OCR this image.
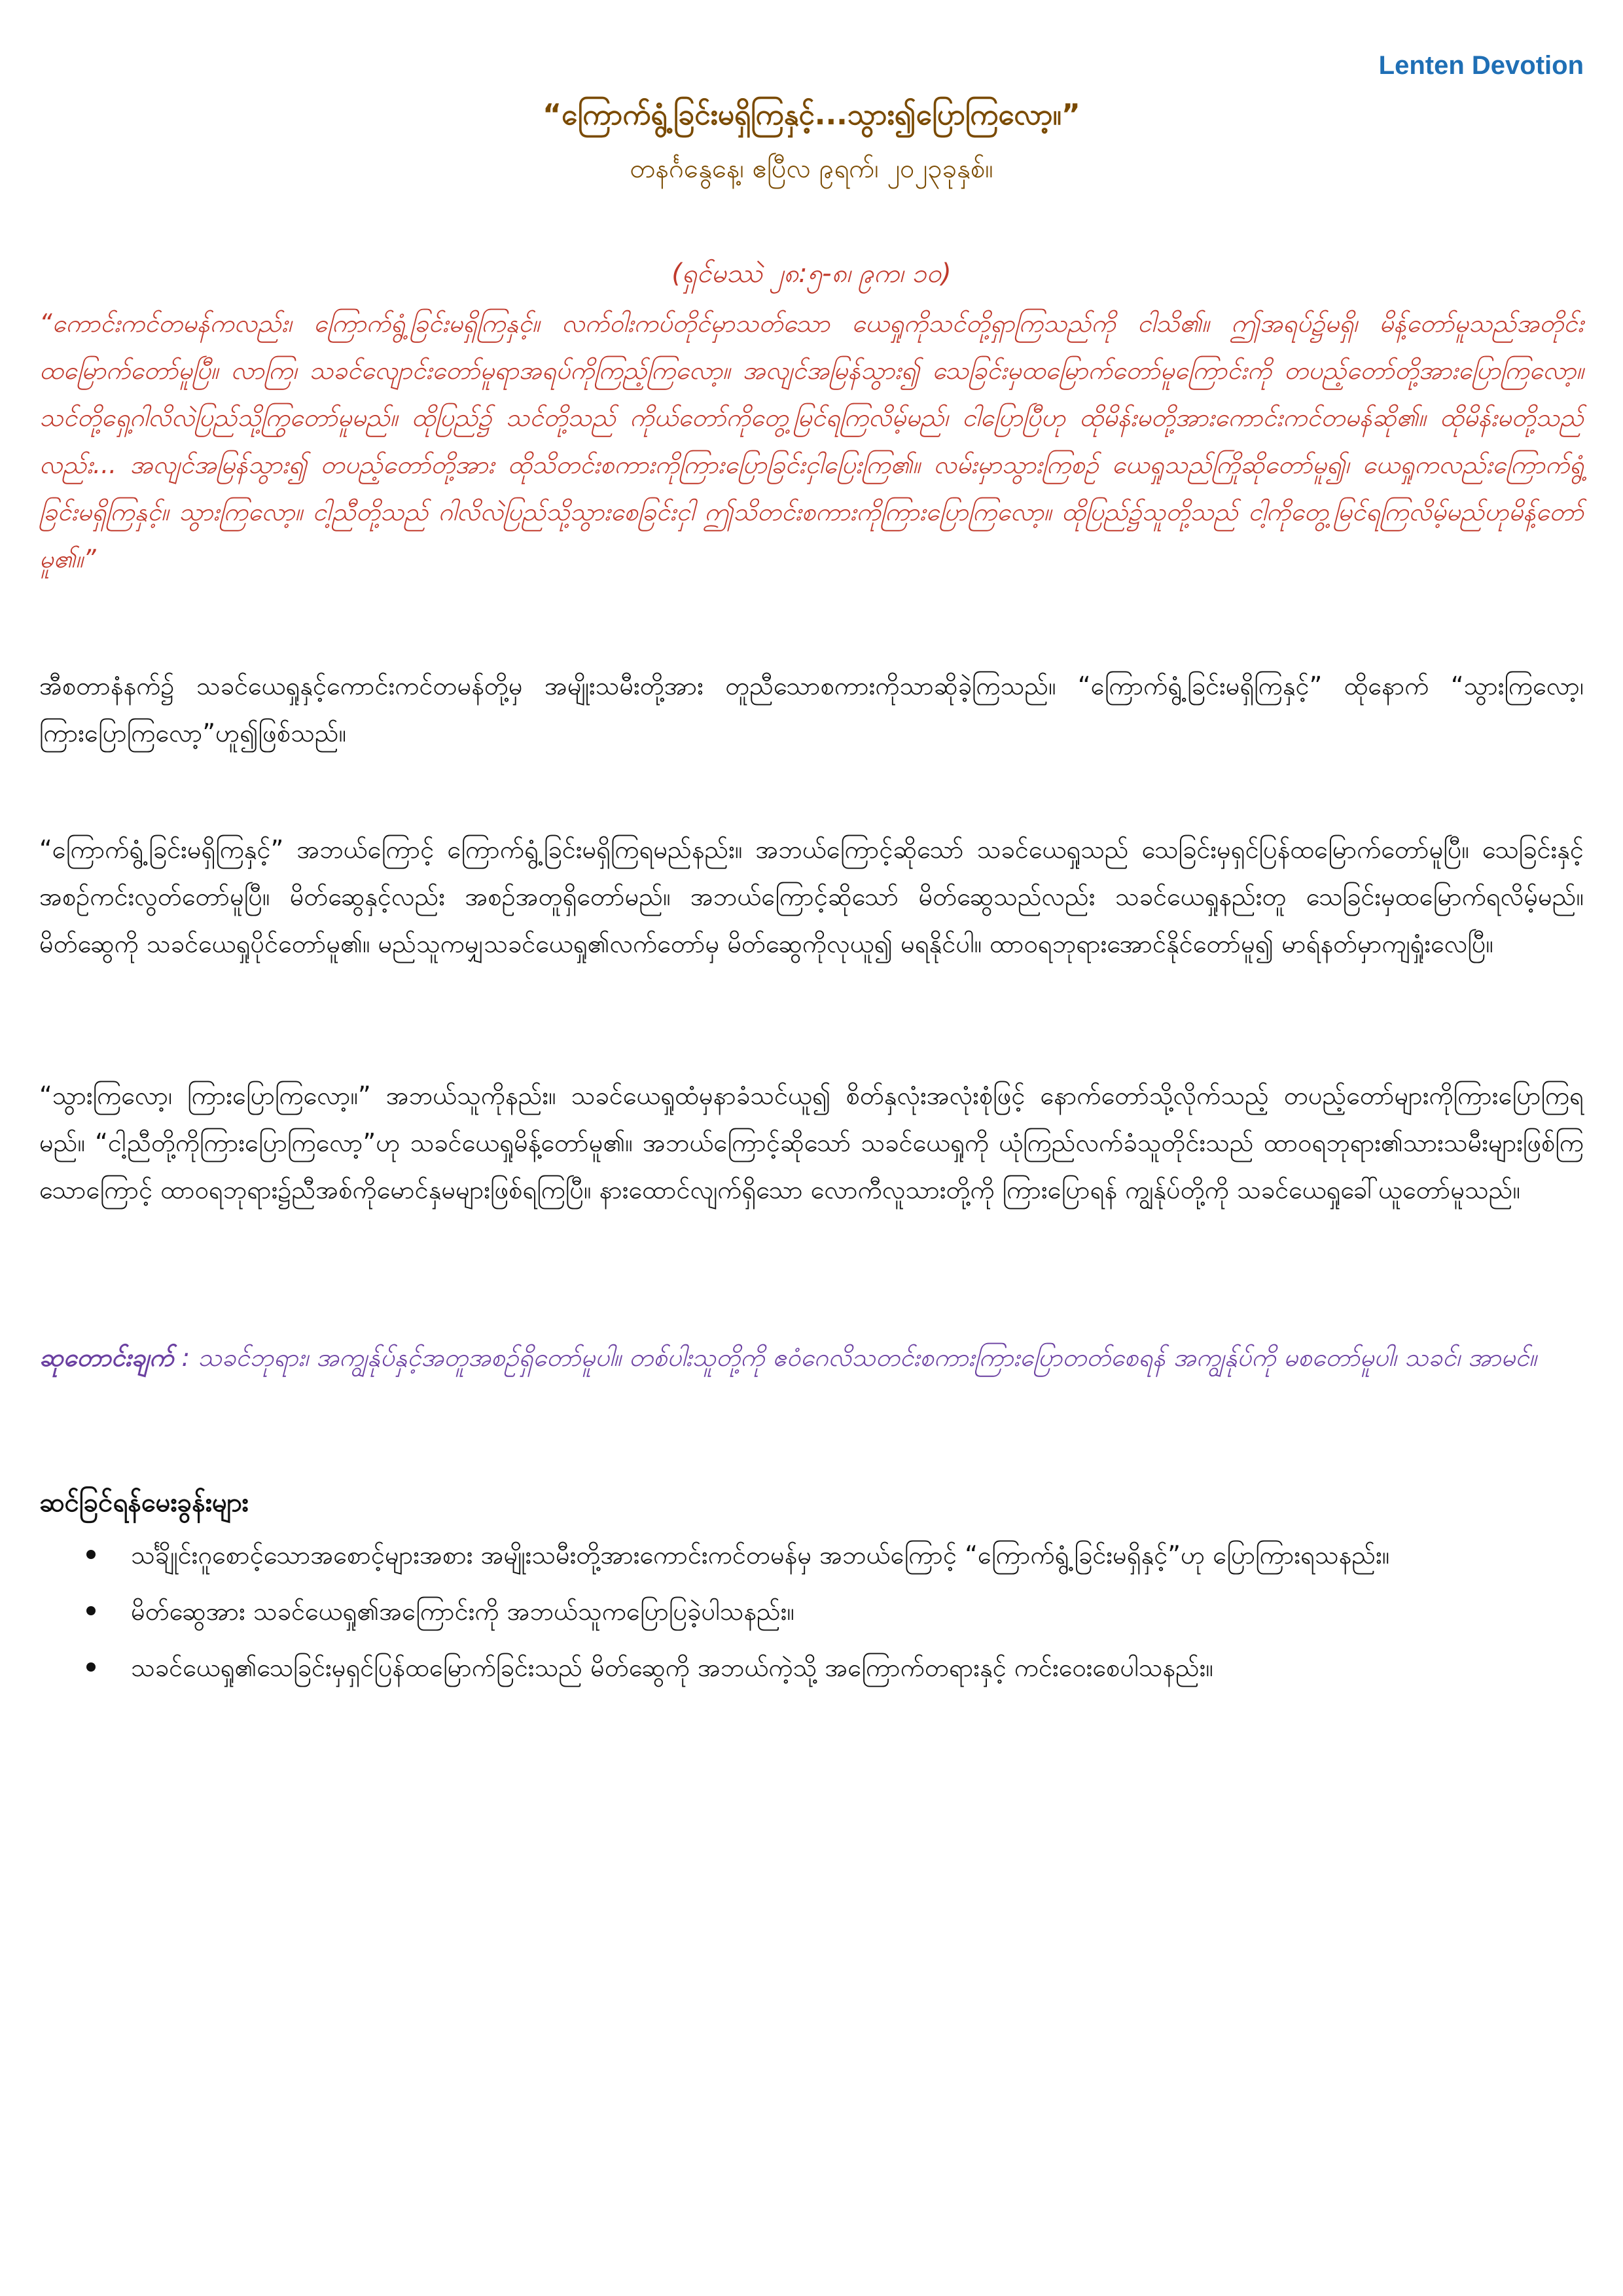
Lenten Devotion
“ကြောက်ရွံ့ခြင်းမရှိကြနှင့်...သွား၍ပြောကြလော့။”
တနင်္ဂနွေနေ့၊ ဧပြီလ ၉ရက်၊ ၂၀၂၃ခုနှစ်။
(ရှင်မဿဲ ၂၈:၅-၈၊ ၉က၊ ၁၀)
“ကောင်းကင်တမန်ကလည်း၊ ကြောက်ရွံ့ခြင်းမရှိကြနှင့်။ လက်ဝါးကပ်တိုင်မှာသတ်သော ယေရှုကိုသင်တို့ရှာကြသည်ကို ငါသိ၏။ ဤအရပ်၌မရှိ၊ မိန့်တော်မူသည်အတိုင်း ထမြောက်တော်မူပြီ။ လာကြ၊ သခင်လျောင်းတော်မူရာအရပ်ကိုကြည့်ကြလော့။ အလျင်အမြန်သွား၍ သေခြင်းမှထမြောက်တော်မူကြောင်းကို တပည့်တော်တို့အားပြောကြလော့။ သင်တို့ရှေ့ဂါလိလဲပြည်သို့ကြွတော်မူမည်။ ထိုပြည်၌ သင်တို့သည် ကိုယ်တော်ကိုတွေ့မြင်ရကြလိမ့်မည်၊ ငါပြောပြီဟု ထိုမိန်းမတို့အားကောင်းကင်တမန်ဆို၏။ ထိုမိန်းမတို့သည်လည်း... အလျင်အမြန်သွား၍ တပည့်တော်တို့အား ထိုသိတင်းစကားကိုကြားပြောခြင်းငှါပြေးကြ၏။ လမ်းမှာသွားကြစဉ် ယေရှုသည်ကြိုဆိုတော်မူ၍၊ ယေရှုကလည်းကြောက်ရွံ့ခြင်းမရှိကြနှင့်။ သွားကြလော့။ ငါ့ညီတို့သည် ဂါလိလဲပြည်သို့သွားစေခြင်းငှါ ဤသိတင်းစကားကိုကြားပြောကြလော့။ ထိုပြည်၌သူတို့သည် ငါ့ကိုတွေ့မြင်ရကြလိမ့်မည်ဟုမိန့်တော်မူ၏။”
အီစတာနံနက်၌ သခင်ယေရှုနှင့်ကောင်းကင်တမန်တို့မှ အမျိုးသမီးတို့အား တူညီသောစကားကိုသာဆိုခဲ့ကြသည်။ “ကြောက်ရွံ့ခြင်းမရှိကြနှင့်” ထိုနောက် “သွားကြလော့၊ ကြားပြောကြလော့”ဟူ၍ဖြစ်သည်။
“ကြောက်ရွံ့ခြင်းမရှိကြနှင့်” အဘယ်ကြောင့် ကြောက်ရွံ့ခြင်းမရှိကြရမည်နည်း။ အဘယ်ကြောင့်ဆိုသော် သခင်ယေရှုသည် သေခြင်းမှရှင်ပြန်ထမြောက်တော်မူပြီ။ သေခြင်းနှင့်အစဉ်ကင်းလွတ်တော်မူပြီ။ မိတ်ဆွေနှင့်လည်း အစဉ်အတူရှိတော်မည်။ အဘယ်ကြောင့်ဆိုသော် မိတ်ဆွေသည်လည်း သခင်ယေရှုနည်းတူ သေခြင်းမှထမြောက်ရလိမ့်မည်။ မိတ်ဆွေကို သခင်ယေရှုပိုင်တော်မူ၏။ မည်သူကမျှသခင်ယေရှု၏လက်တော်မှ မိတ်ဆွေကိုလုယူ၍ မရနိုင်ပါ။ ထာဝရဘုရားအောင်နိုင်တော်မူ၍ မာရ်နတ်မှာကျရှုံးလေပြီ။
“သွားကြလော့၊ ကြားပြောကြလော့။” အဘယ်သူကိုနည်း။ သခင်ယေရှုထံမှနာခံသင်ယူ၍ စိတ်နှလုံးအလုံးစုံဖြင့် နောက်တော်သို့လိုက်သည့် တပည့်တော်များကိုကြားပြောကြရမည်။ “ငါ့ညီတို့ကိုကြားပြောကြလော့”ဟု သခင်ယေရှုမိန့်တော်မူ၏။ အဘယ်ကြောင့်ဆိုသော် သခင်ယေရှုကို ယုံကြည်လက်ခံသူတိုင်းသည် ထာဝရဘုရား၏သားသမီးများဖြစ်ကြသောကြောင့် ထာဝရဘုရား၌ညီအစ်ကိုမောင်နှမများဖြစ်ရကြပြီ။ နားထောင်လျက်ရှိသော လောကီလူသားတို့ကို ကြားပြောရန် ကျွန်ုပ်တို့ကို သခင်ယေရှုခေါ်ယူတော်မူသည်။
ဆုတောင်းချက် : သခင်ဘုရား၊ အကျွန်ုပ်နှင့်အတူအစဉ်ရှိတော်မူပါ။ တစ်ပါးသူတို့ကို ဧဝံဂေလိသတင်းစကားကြားပြောတတ်စေရန် အကျွန်ုပ်ကို မစတော်မူပါ၊ သခင်၊ အာမင်။
ဆင်ခြင်ရန်မေးခွန်းများ
သင်္ချိုင်းဂူစောင့်သောအစောင့်များအစား အမျိုးသမီးတို့အားကောင်းကင်တမန်မှ အဘယ်ကြောင့် “ကြောက်ရွံ့ခြင်းမရှိနှင့်”ဟု ပြောကြားရသနည်း။
မိတ်ဆွေအား သခင်ယေရှု၏အကြောင်းကို အဘယ်သူကပြောပြခဲ့ပါသနည်း။
သခင်ယေရှု၏သေခြင်းမှရှင်ပြန်ထမြောက်ခြင်းသည် မိတ်ဆွေကို အဘယ်ကဲ့သို့ အကြောက်တရားနှင့် ကင်းဝေးစေပါသနည်း။
